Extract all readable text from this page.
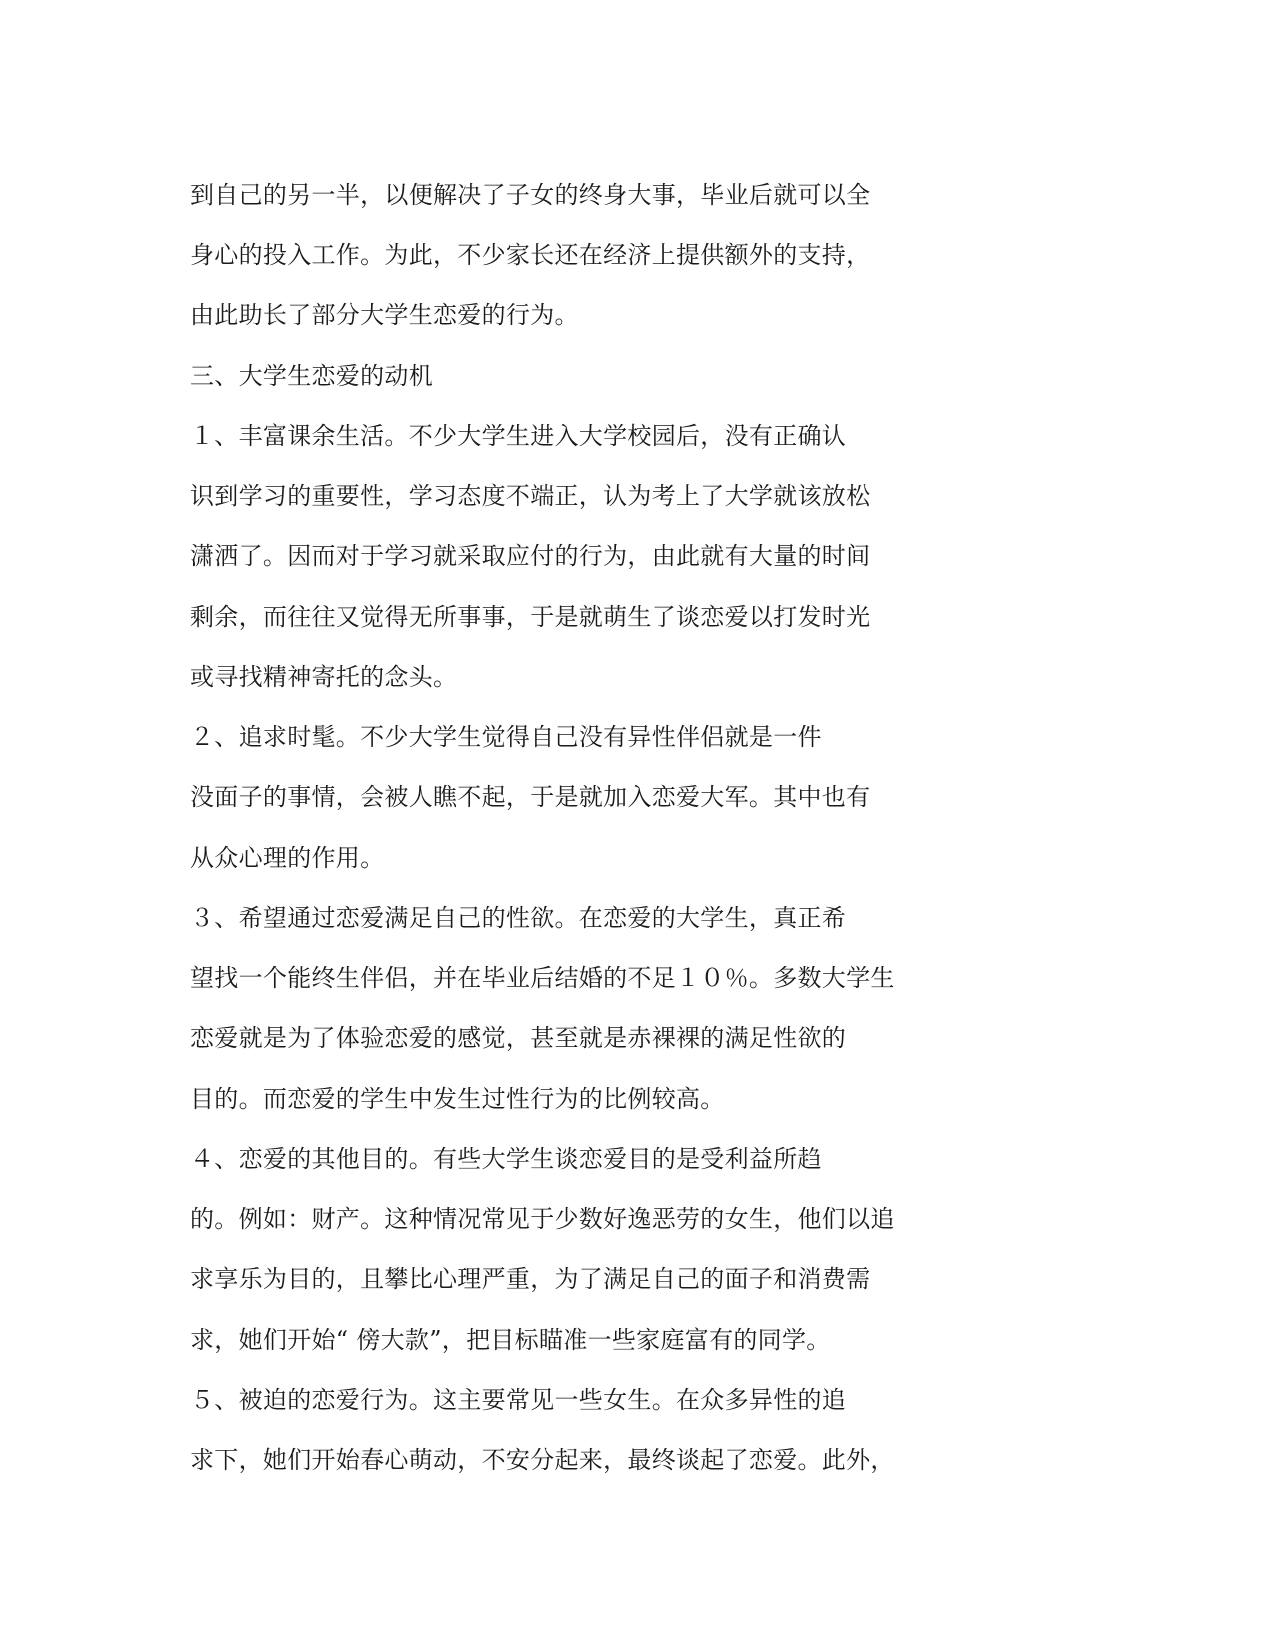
到自己的另一半，以便解决了子女的终身大事，毕业后就可以全
身心的投入工作。为此，不少家长还在经济上提供额外的支持，
由此助长了部分大学生恋爱的行为。
三、大学生恋爱的动机
１、丰富课余生活。不少大学生进入大学校园后，没有正确认
识到学习的重要性，学习态度不端正，认为考上了大学就该放松
潇洒了。因而对于学习就采取应付的行为，由此就有大量的时间
剩余，而往往又觉得无所事事，于是就萌生了谈恋爱以打发时光
或寻找精神寄托的念头。
２、追求时髦。不少大学生觉得自己没有异性伴侣就是一件
没面子的事情，会被人瞧不起，于是就加入恋爱大军。其中也有
从众心理的作用。
３、希望通过恋爱满足自己的性欲。在恋爱的大学生，真正希
望找一个能终生伴侣，并在毕业后结婚的不足１０％。多数大学生
恋爱就是为了体验恋爱的感觉，甚至就是赤裸裸的满足性欲的
目的。而恋爱的学生中发生过性行为的比例较高。
４、恋爱的其他目的。有些大学生谈恋爱目的是受利益所趋
的。例如：财产。这种情况常见于少数好逸恶劳的女生，他们以追
求享乐为目的，且攀比心理严重，为了满足自己的面子和消费需
求，她们开始“ 傍大款”，把目标瞄准一些家庭富有的同学。
５、被迫的恋爱行为。这主要常见一些女生。在众多异性的追
求下，她们开始春心萌动，不安分起来，最终谈起了恋爱。此外，
